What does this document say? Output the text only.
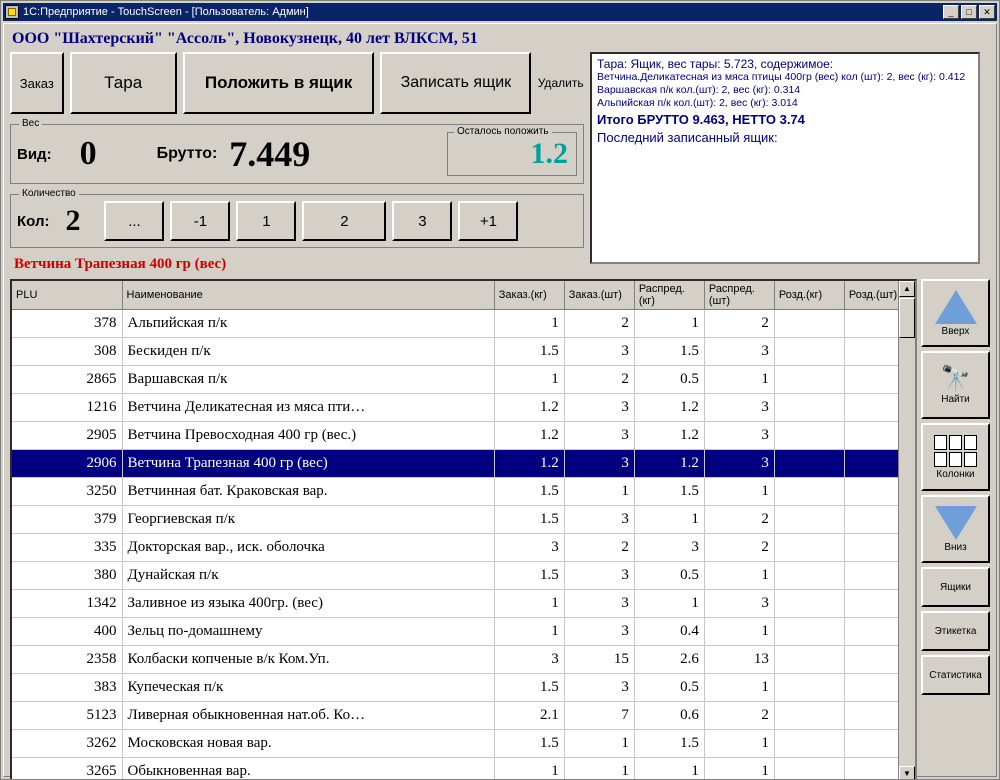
1С:Предприятие - TouchScreen - [Пользователь: Админ]	_	□	✕
ООО "Шахтерский" "Ассоль", Новокузнецк, 40 лет ВЛКСМ, 51
Заказ	Тара	Положить в ящик	Записать ящик	Удалить
Вес
Вид: 0	Брутто: 7.449
Осталось положить
1.2
Количество
Кол: 2	...	-1	1	2	3	+1
Ветчина Трапезная 400 гр (вес)
Тара: Ящик, вес тары: 5.723, содержимое:
Ветчина.Деликатесная из мяса птицы 400гр (вес) кол (шт): 2, вес (кг): 0.412
Варшавская п/к кол.(шт): 2, вес (кг): 0.314
Альпийская п/к кол.(шт): 2, вес (кг): 3.014
Итого БРУТТО 9.463, НЕТТО 3.74
Последний записанный ящик:
PLU	Наименование	Заказ.(кг)	Заказ.(шт)	Распред.(кг)	Распред.(шт)	Розд.(кг)	Розд.(шт)
378	Альпийская п/к	1	2	1	2		
308	Бескиден п/к	1.5	3	1.5	3		
2865	Варшавская п/к	1	2	0.5	1		
1216	Ветчина Деликатесная из мяса пти…	1.2	3	1.2	3		
2905	Ветчина Превосходная 400 гр (вес.)	1.2	3	1.2	3		
2906	Ветчина Трапезная 400 гр (вес)	1.2	3	1.2	3		
3250	Ветчинная бат. Краковская вар.	1.5	1	1.5	1		
379	Георгиевская п/к	1.5	3	1	2		
335	Докторская вар., иск. оболочка	3	2	3	2		
380	Дунайская п/к	1.5	3	0.5	1		
1342	Заливное из языка 400гр. (вес)	1	3	1	3		
400	Зельц по-домашнему	1	3	0.4	1		
2358	Колбаски копченые в/к Ком.Уп.	3	15	2.6	13		
383	Купеческая п/к	1.5	3	0.5	1		
5123	Ливерная обыкновенная нат.об. Ко…	2.1	7	0.6	2		
3262	Московская новая вар.	1.5	1	1.5	1		
3265	Обыкновенная вар.	1	1	1	1		
▲
▼
Вверх
🔭
Найти
Колонки
Вниз
Ящики
Этикетка
Статистика
